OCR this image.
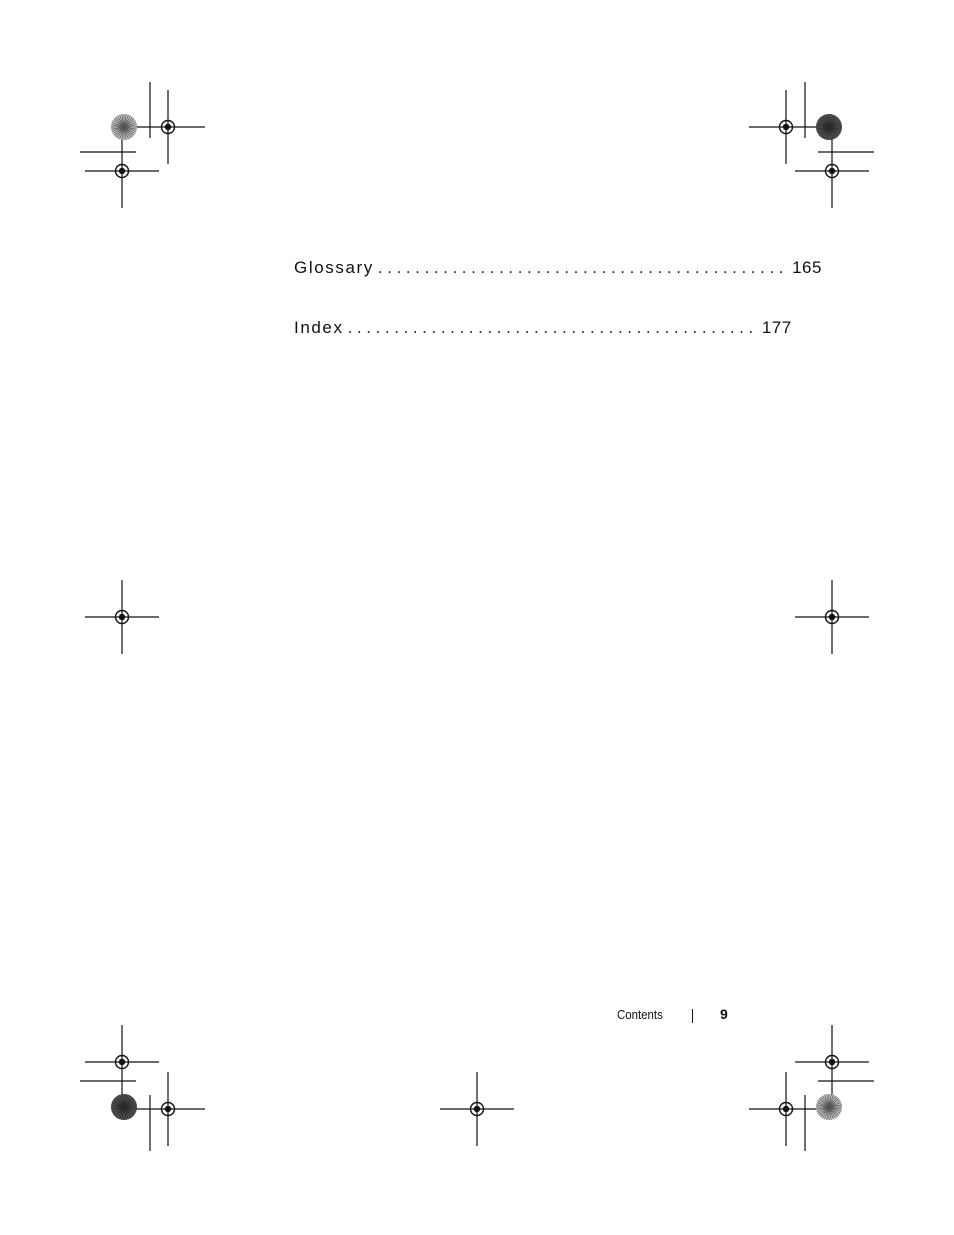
Glossary ............................................ 165
Index ............................................ 177
Contents	9
